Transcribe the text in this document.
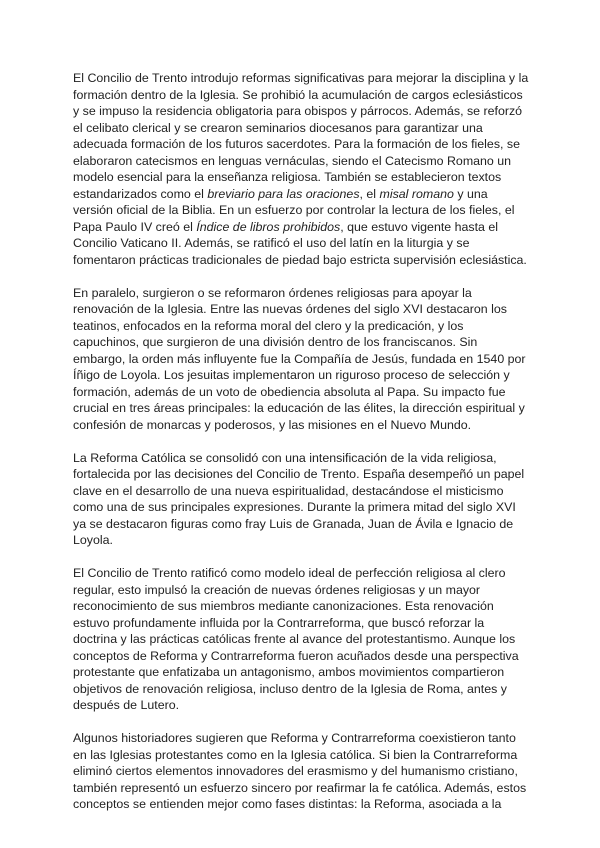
El Concilio de Trento introdujo reformas significativas para mejorar la disciplina y la formación dentro de la Iglesia. Se prohibió la acumulación de cargos eclesiásticos y se impuso la residencia obligatoria para obispos y párrocos. Además, se reforzó el celibato clerical y se crearon seminarios diocesanos para garantizar una adecuada formación de los futuros sacerdotes. Para la formación de los fieles, se elaboraron catecismos en lenguas vernáculas, siendo el Catecismo Romano un modelo esencial para la enseñanza religiosa. También se establecieron textos estandarizados como el breviario para las oraciones, el misal romano y una versión oficial de la Biblia. En un esfuerzo por controlar la lectura de los fieles, el Papa Paulo IV creó el Índice de libros prohibidos, que estuvo vigente hasta el Concilio Vaticano II. Además, se ratificó el uso del latín en la liturgia y se fomentaron prácticas tradicionales de piedad bajo estricta supervisión eclesiástica.

En paralelo, surgieron o se reformaron órdenes religiosas para apoyar la renovación de la Iglesia. Entre las nuevas órdenes del siglo XVI destacaron los teatinos, enfocados en la reforma moral del clero y la predicación, y los capuchinos, que surgieron de una división dentro de los franciscanos. Sin embargo, la orden más influyente fue la Compañía de Jesús, fundada en 1540 por Íñigo de Loyola. Los jesuitas implementaron un riguroso proceso de selección y formación, además de un voto de obediencia absoluta al Papa. Su impacto fue crucial en tres áreas principales: la educación de las élites, la dirección espiritual y confesión de monarcas y poderosos, y las misiones en el Nuevo Mundo.

La Reforma Católica se consolidó con una intensificación de la vida religiosa, fortalecida por las decisiones del Concilio de Trento. España desempeñó un papel clave en el desarrollo de una nueva espiritualidad, destacándose el misticismo como una de sus principales expresiones. Durante la primera mitad del siglo XVI ya se destacaron figuras como fray Luis de Granada, Juan de Ávila e Ignacio de Loyola.

El Concilio de Trento ratificó como modelo ideal de perfección religiosa al clero regular, esto impulsó la creación de nuevas órdenes religiosas y un mayor reconocimiento de sus miembros mediante canonizaciones. Esta renovación estuvo profundamente influida por la Contrarreforma, que buscó reforzar la doctrina y las prácticas católicas frente al avance del protestantismo. Aunque los conceptos de Reforma y Contrarreforma fueron acuñados desde una perspectiva protestante que enfatizaba un antagonismo, ambos movimientos compartieron objetivos de renovación religiosa, incluso dentro de la Iglesia de Roma, antes y después de Lutero.

Algunos historiadores sugieren que Reforma y Contrarreforma coexistieron tanto en las Iglesias protestantes como en la Iglesia católica. Si bien la Contrarreforma eliminó ciertos elementos innovadores del erasmismo y del humanismo cristiano, también representó un esfuerzo sincero por reafirmar la fe católica. Además, estos conceptos se entienden mejor como fases distintas: la Reforma, asociada a la
